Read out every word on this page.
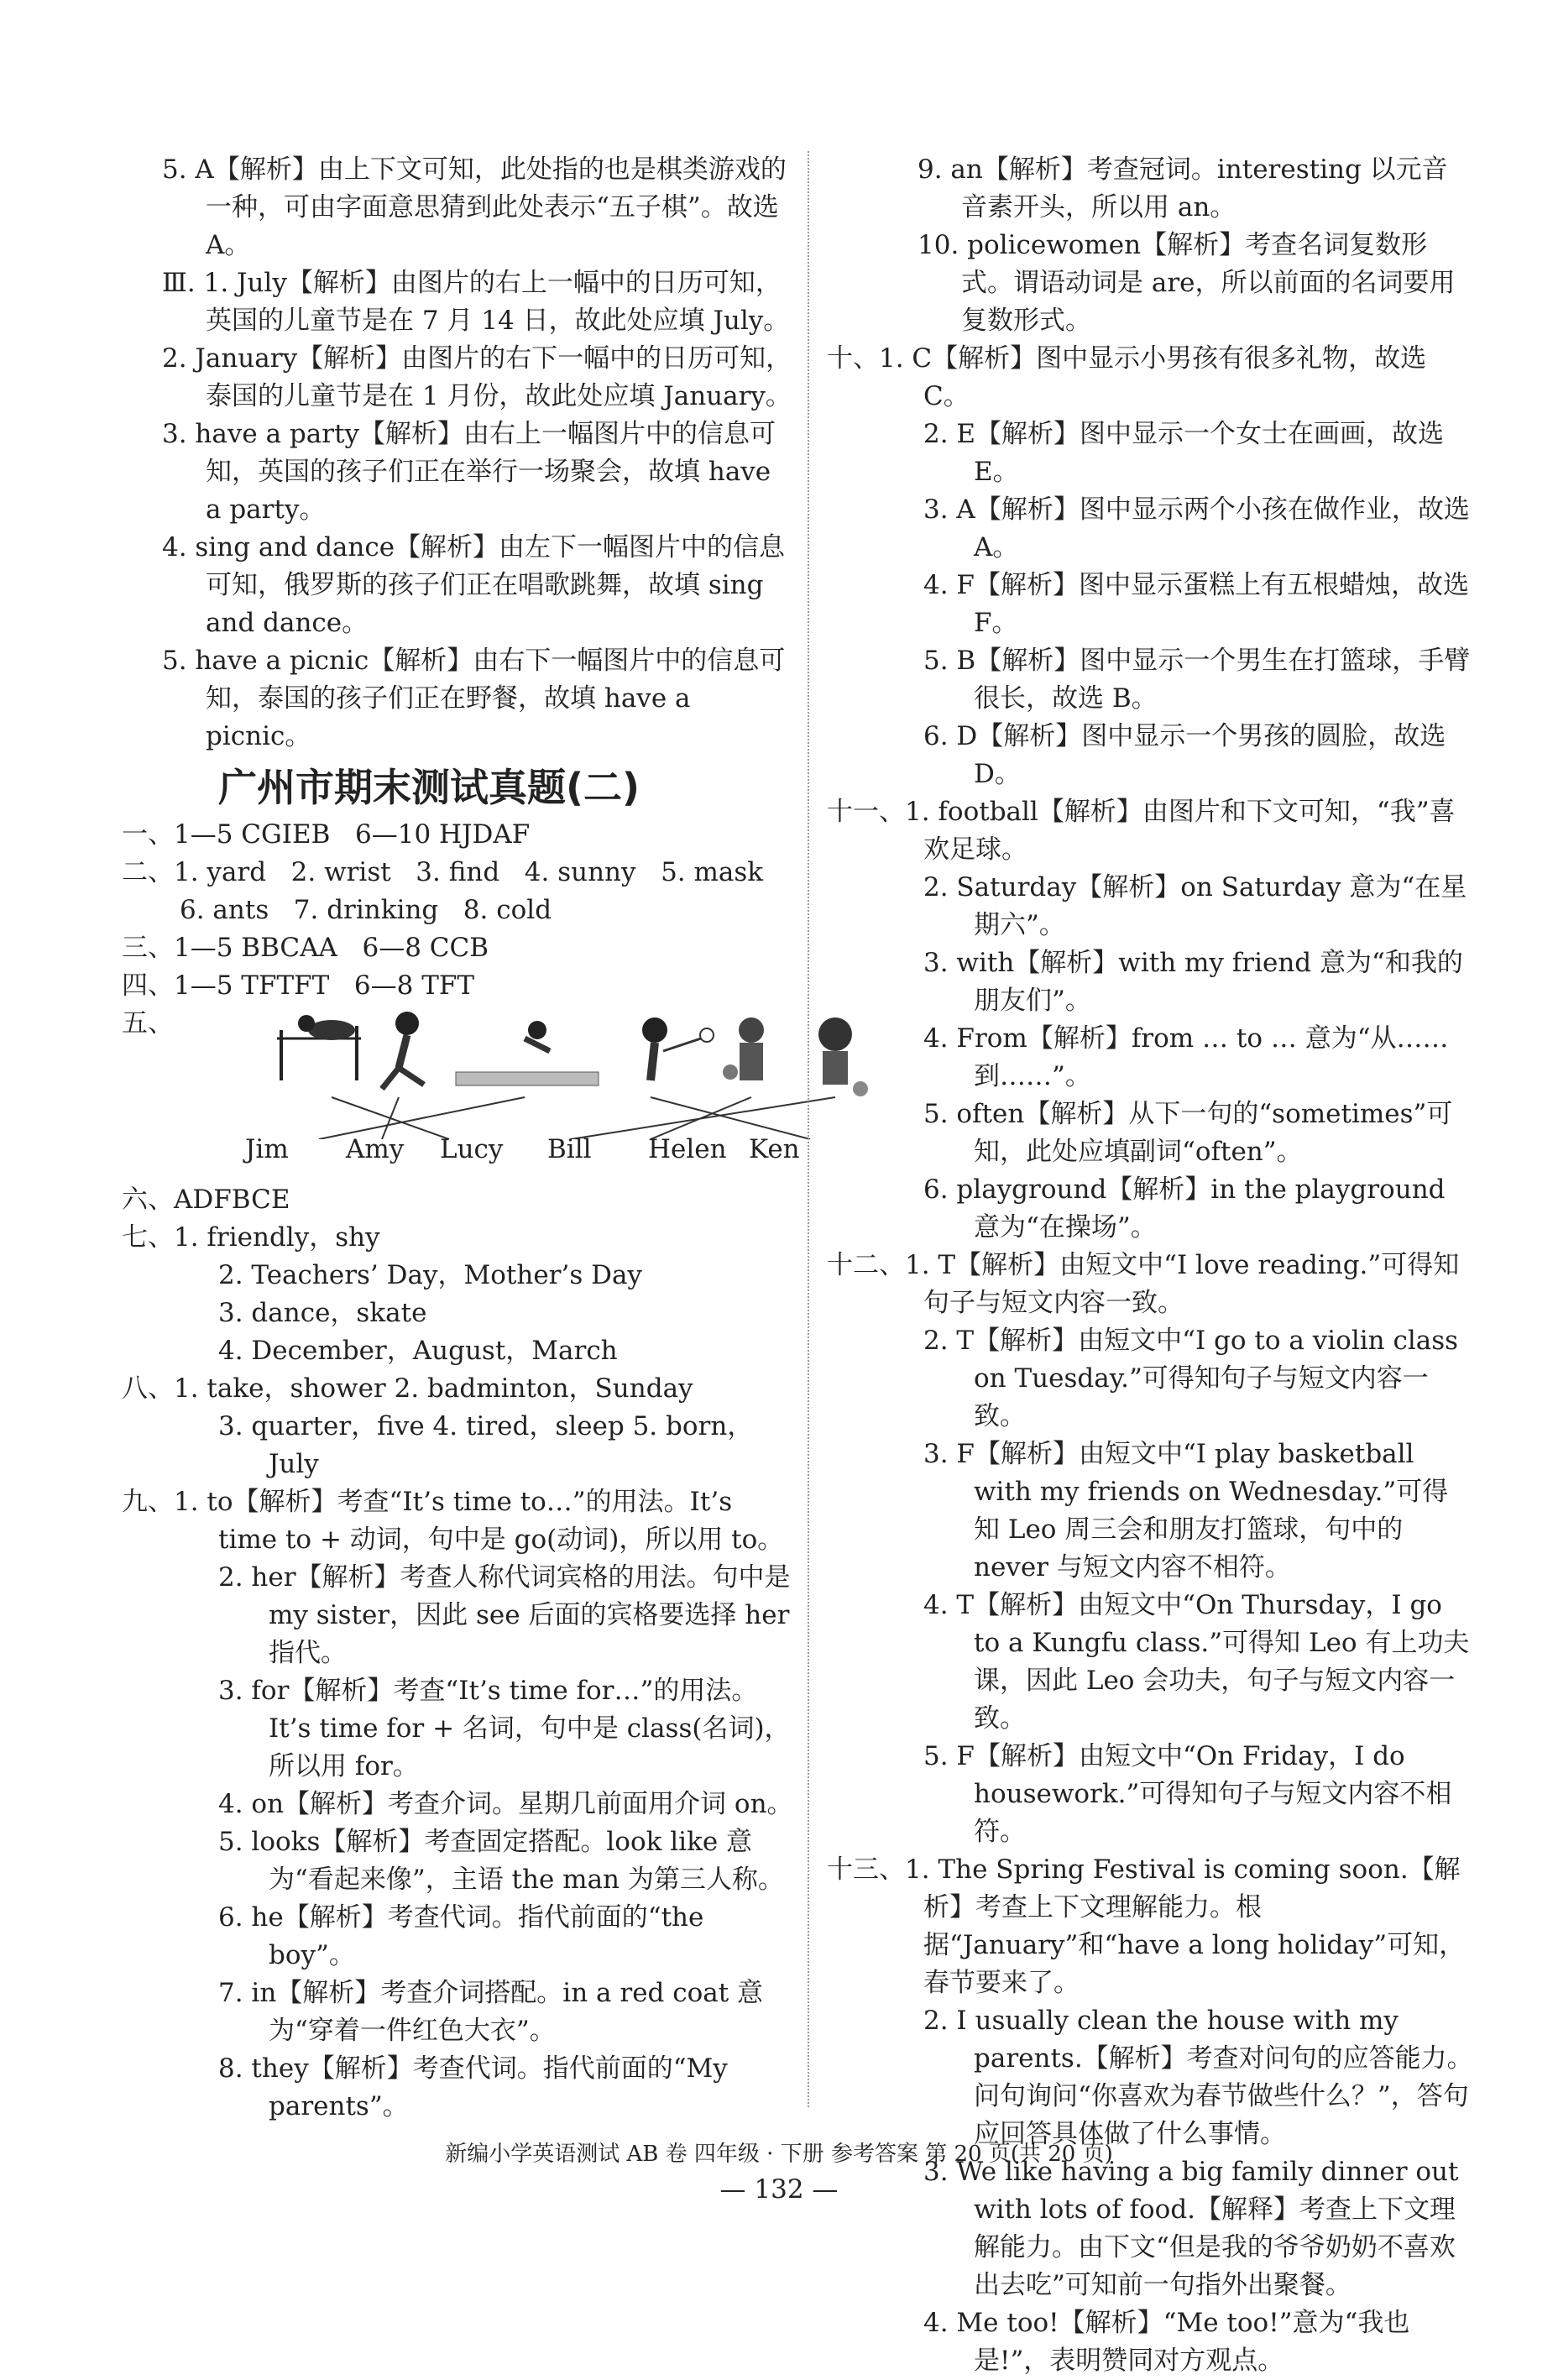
5. A【解析】由上下文可知，此处指的也是棋类游戏的一种，可由字面意思猜到此处表示“五子棋”。故选 A。
Ⅲ. 1. July【解析】由图片的右上一幅中的日历可知，英国的儿童节是在 7 月 14 日，故此处应填 July。
2. January【解析】由图片的右下一幅中的日历可知，泰国的儿童节是在 1 月份，故此处应填 January。
3. have a party【解析】由右上一幅图片中的信息可知，英国的孩子们正在举行一场聚会，故填 have a party。
4. sing and dance【解析】由左下一幅图片中的信息可知，俄罗斯的孩子们正在唱歌跳舞，故填 sing and dance。
5. have a picnic【解析】由右下一幅图片中的信息可知，泰国的孩子们正在野餐，故填 have a picnic。
广州市期末测试真题(二)
一、1—5 CGIEB   6—10 HJDAF
二、1. yard   2. wrist   3. find   4. sunny   5. mask
6. ants   7. drinking   8. cold
三、1—5 BBCAA   6—8 CCB
四、1—5 TFTFT   6—8 TFT
五、
Jim Amy Lucy Bill Helen Ken
六、ADFBCE
七、1. friendly，shy
2. Teachers’ Day，Mother’s Day
3. dance，skate
4. December，August，March
八、1. take，shower 2. badminton，Sunday
3. quarter，five 4. tired，sleep 5. born，July
九、1. to【解析】考查“It’s time to…”的用法。It’s time to + 动词，句中是 go(动词)，所以用 to。
2. her【解析】考查人称代词宾格的用法。句中是 my sister，因此 see 后面的宾格要选择 her 指代。
3. for【解析】考查“It’s time for…”的用法。It’s time for + 名词，句中是 class(名词)，所以用 for。
4. on【解析】考查介词。星期几前面用介词 on。
5. looks【解析】考查固定搭配。look like 意为“看起来像”，主语 the man 为第三人称。
6. he【解析】考查代词。指代前面的“the boy”。
7. in【解析】考查介词搭配。in a red coat 意为“穿着一件红色大衣”。
8. they【解析】考查代词。指代前面的“My parents”。
9. an【解析】考查冠词。interesting 以元音音素开头，所以用 an。
10. policewomen【解析】考查名词复数形式。谓语动词是 are，所以前面的名词要用复数形式。
十、1. C【解析】图中显示小男孩有很多礼物，故选 C。
2. E【解析】图中显示一个女士在画画，故选 E。
3. A【解析】图中显示两个小孩在做作业，故选 A。
4. F【解析】图中显示蛋糕上有五根蜡烛，故选 F。
5. B【解析】图中显示一个男生在打篮球，手臂很长，故选 B。
6. D【解析】图中显示一个男孩的圆脸，故选 D。
十一、1. football【解析】由图片和下文可知，“我”喜欢足球。
2. Saturday【解析】on Saturday 意为“在星期六”。
3. with【解析】with my friend 意为“和我的朋友们”。
4. From【解析】from … to … 意为“从……到……”。
5. often【解析】从下一句的“sometimes”可知，此处应填副词“often”。
6. playground【解析】in the playground 意为“在操场”。
十二、1. T【解析】由短文中“I love reading.”可得知句子与短文内容一致。
2. T【解析】由短文中“I go to a violin class on Tuesday.”可得知句子与短文内容一致。
3. F【解析】由短文中“I play basketball with my friends on Wednesday.”可得知 Leo 周三会和朋友打篮球，句中的 never 与短文内容不相符。
4. T【解析】由短文中“On Thursday，I go to a Kungfu class.”可得知 Leo 有上功夫课，因此 Leo 会功夫，句子与短文内容一致。
5. F【解析】由短文中“On Friday，I do housework.”可得知句子与短文内容不相符。
十三、1. The Spring Festival is coming soon.【解析】考查上下文理解能力。根据“January”和“have a long holiday”可知，春节要来了。
2. I usually clean the house with my parents.【解析】考查对问句的应答能力。问句询问“你喜欢为春节做些什么？”，答句应回答具体做了什么事情。
3. We like having a big family dinner out with lots of food.【解释】考查上下文理解能力。由下文“但是我的爷爷奶奶不喜欢出去吃”可知前一句指外出聚餐。
4. Me too!【解析】“Me too!”意为“我也是!”，表明赞同对方观点。
新编小学英语测试 AB 卷 四年级 · 下册 参考答案 第 20 页(共 20 页)
— 132 —
